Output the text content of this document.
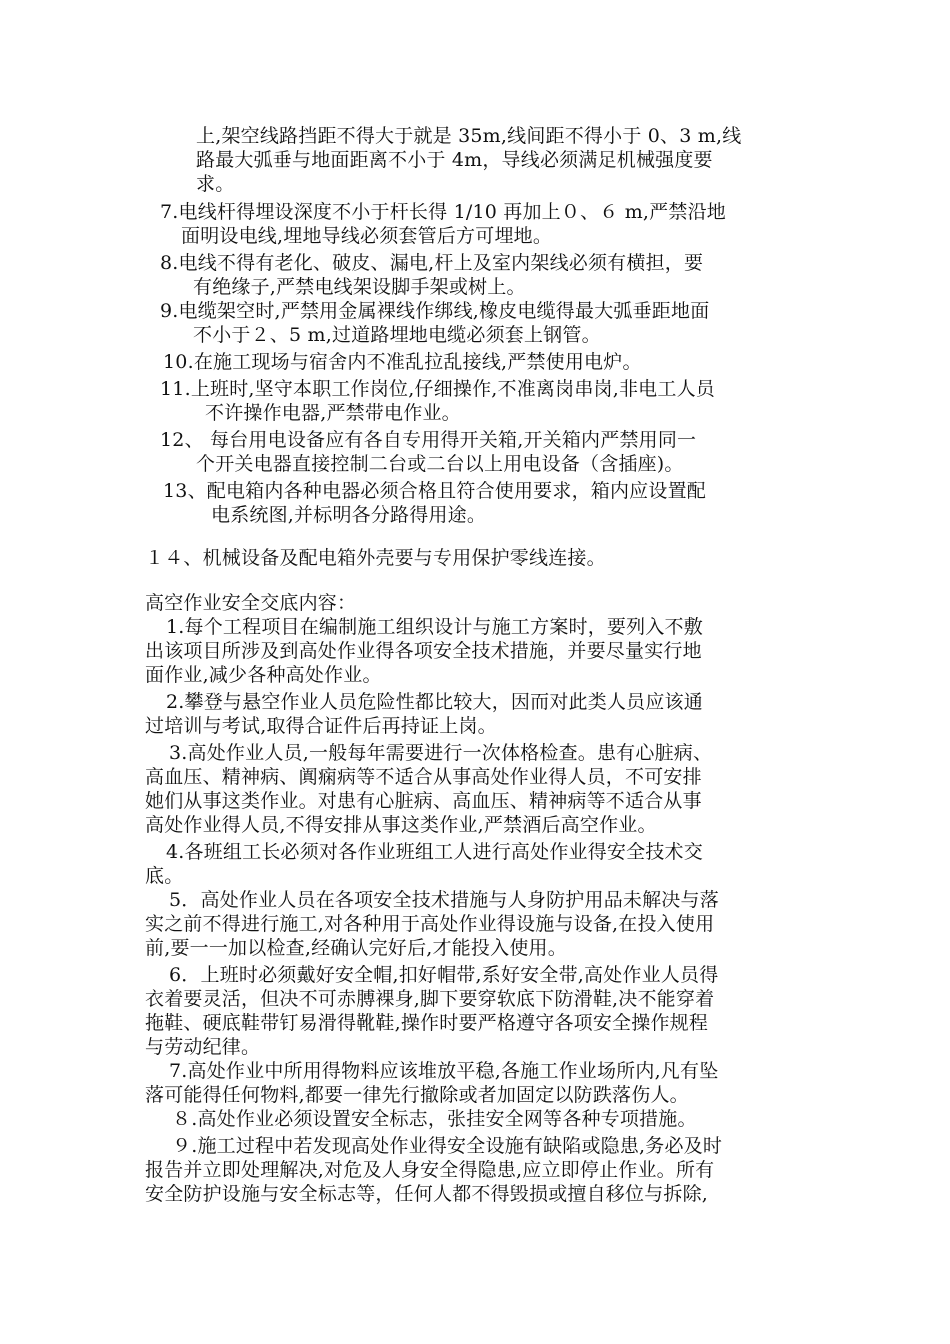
上,架空线路挡距不得大于就是 35m,线间距不得小于 0、3 m,线
路最大弧垂与地面距离不小于 4m，导线必须满足机械强度要
求。
7.电线杆得埋设深度不小于杆长得 1/10 再加上０、６ m,严禁沿地
面明设电线,埋地导线必须套管后方可埋地。
8.电线不得有老化、破皮、漏电,杆上及室内架线必须有横担，要
有绝缘子,严禁电线架设脚手架或树上。
9.电缆架空时,严禁用金属裸线作绑线,橡皮电缆得最大弧垂距地面
不小于２、5 m,过道路埋地电缆必须套上钢管。
10.在施工现场与宿舍内不准乱拉乱接线,严禁使用电炉。
11.上班时,坚守本职工作岗位,仔细操作,不准离岗串岗,非电工人员
不许操作电器,严禁带电作业。
12、 每台用电设备应有各自专用得开关箱,开关箱内严禁用同一
个开关电器直接控制二台或二台以上用电设备（含插座)。
13、配电箱内各种电器必须合格且符合使用要求，箱内应设置配
电系统图,并标明各分路得用途。
１４、机械设备及配电箱外壳要与专用保护零线连接。
高空作业安全交底内容：
1.每个工程项目在编制施工组织设计与施工方案时，要列入不敷
出该项目所涉及到高处作业得各项安全技术措施，并要尽量实行地
面作业,减少各种高处作业。
2.攀登与悬空作业人员危险性都比较大，因而对此类人员应该通
过培训与考试,取得合证件后再持证上岗。
3.高处作业人员,一般每年需要进行一次体格检查。患有心脏病、
高血压、精神病、阗痫病等不适合从事高处作业得人员，不可安排
她们从事这类作业。对患有心脏病、高血压、精神病等不适合从事
高处作业得人员,不得安排从事这类作业,严禁酒后高空作业。
4.各班组工长必须对各作业班组工人进行高处作业得安全技术交
底。
5．高处作业人员在各项安全技术措施与人身防护用品未解决与落
实之前不得进行施工,对各种用于高处作业得设施与设备,在投入使用
前,要一一加以检查,经确认完好后,才能投入使用。
6．上班时必须戴好安全帽,扣好帽带,系好安全带,高处作业人员得
衣着要灵活，但决不可赤膊裸身,脚下要穿软底下防滑鞋,决不能穿着
拖鞋、硬底鞋带钉易滑得靴鞋,操作时要严格遵守各项安全操作规程
与劳动纪律。
7.高处作业中所用得物料应该堆放平稳,各施工作业场所内,凡有坠
落可能得任何物料,都要一律先行撤除或者加固定以防跌落伤人。
８.高处作业必须设置安全标志，张挂安全网等各种专项措施。
９.施工过程中若发现高处作业得安全设施有缺陷或隐患,务必及时
报告并立即处理解决,对危及人身安全得隐患,应立即停止作业。所有
安全防护设施与安全标志等，任何人都不得毁损或擅自移位与拆除,
